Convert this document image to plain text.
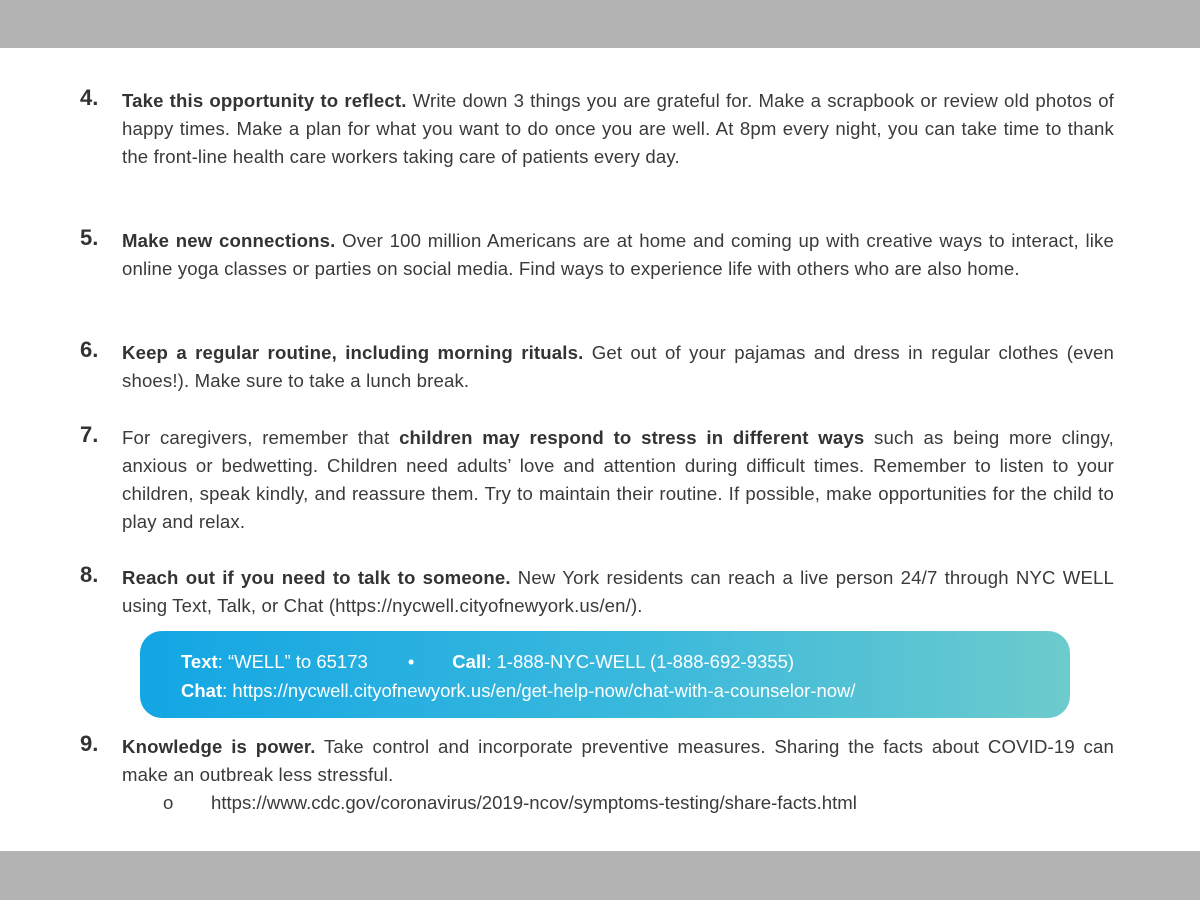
4. Take this opportunity to reflect. Write down 3 things you are grateful for. Make a scrapbook or review old photos of happy times. Make a plan for what you want to do once you are well. At 8pm every night, you can take time to thank the front-line health care workers taking care of patients every day.
5. Make new connections. Over 100 million Americans are at home and coming up with creative ways to interact, like online yoga classes or parties on social media. Find ways to experience life with others who are also home.
6. Keep a regular routine, including morning rituals. Get out of your pajamas and dress in regular clothes (even shoes!). Make sure to take a lunch break.
7. For caregivers, remember that children may respond to stress in different ways such as being more clingy, anxious or bedwetting. Children need adults’ love and attention during difficult times. Remember to listen to your children, speak kindly, and reassure them. Try to maintain their routine. If possible, make opportunities for the child to play and relax.
8. Reach out if you need to talk to someone. New York residents can reach a live person 24/7 through NYC WELL using Text, Talk, or Chat (https://nycwell.cityofnewyork.us/en/).
Text: “WELL” to 65173 • Call: 1-888-NYC-WELL (1-888-692-9355)
Chat: https://nycwell.cityofnewyork.us/en/get-help-now/chat-with-a-counselor-now/
9. Knowledge is power. Take control and incorporate preventive measures. Sharing the facts about COVID-19 can make an outbreak less stressful.
o https://www.cdc.gov/coronavirus/2019-ncov/symptoms-testing/share-facts.html
